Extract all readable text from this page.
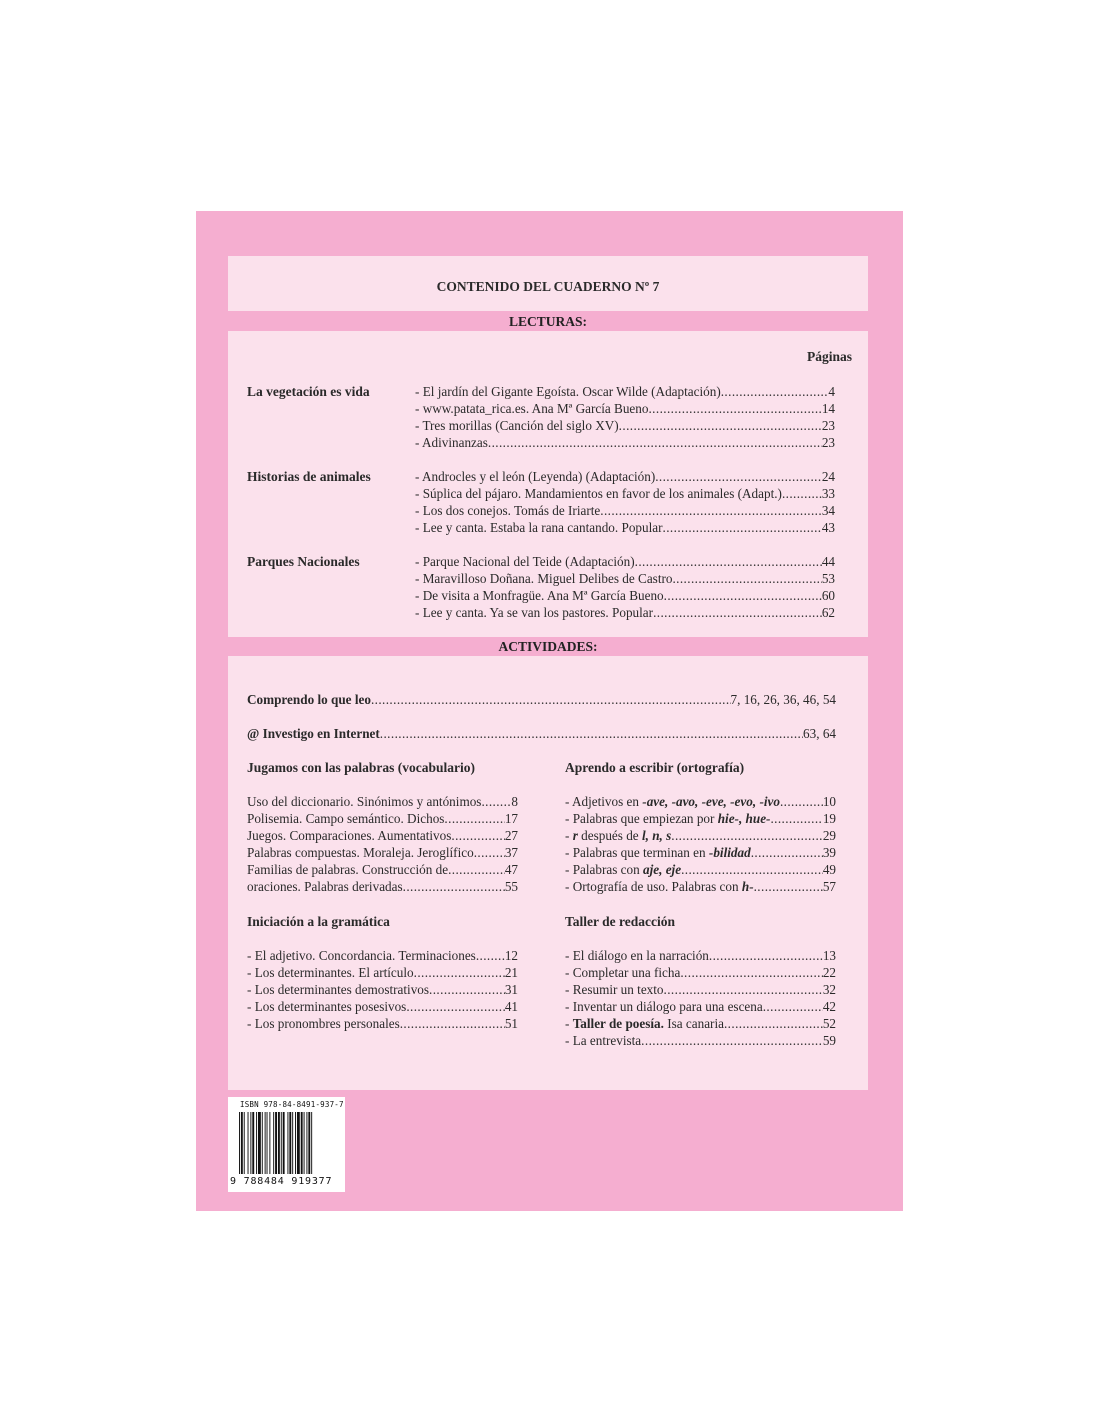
CONTENIDO DEL CUADERNO Nº 7
LECTURAS:
Páginas
La vegetación es vida	- El jardín del Gigante Egoísta. Oscar Wilde (Adaptación) .....	4
- www.patata_rica.es. Ana Mª García Bueno .....	14
- Tres morillas (Canción del siglo XV) .....	23
- Adivinanzas .....	23
Historias de animales	- Androcles y el león (Leyenda) (Adaptación) .....	24
- Súplica del pájaro. Mandamientos en favor de los animales (Adapt.) .....	33
- Los dos conejos. Tomás de Iriarte .....	34
- Lee y canta. Estaba la rana cantando. Popular .....	43
Parques Nacionales	- Parque Nacional del Teide (Adaptación) .....	44
- Maravilloso Doñana. Miguel Delibes de Castro .....	53
- De visita a Monfragüe. Ana Mª García Bueno .....	60
- Lee y canta. Ya se van los pastores. Popular .....	62
ACTIVIDADES:
Comprendo lo que leo .....	7, 16, 26, 36, 46, 54
@ Investigo en Internet .....	63, 64
Jugamos con las palabras (vocabulario)
Uso del diccionario. Sinónimos y antónimos ..... 8
Polisemia. Campo semántico. Dichos .....	17
Juegos. Comparaciones. Aumentativos .....	27
Palabras compuestas. Moraleja. Jeroglífico ..... 37
Familias de palabras. Construcción de .....	47
oraciones. Palabras derivadas .....	55
Aprendo a escribir (ortografía)
- Adjetivos en -ave, -avo, -eve, -evo, -ivo .....	10
- Palabras que empiezan por hie-, hue- .....	19
- r después de l, n, s .....	29
- Palabras que terminan en -bilidad .....	39
- Palabras con aje, eje .....	49
- Ortografía de uso. Palabras con h- .....	57
Iniciación a la gramática
- El adjetivo. Concordancia. Terminaciones ..... 12
- Los determinantes. El artículo .....	21
- Los determinantes demostrativos .....	31
- Los determinantes posesivos .....	41
- Los pronombres personales .....	51
Taller de redacción
- El diálogo en la narración .....	13
- Completar una ficha .....	22
- Resumir un texto .....	32
- Inventar un diálogo para una escena .....	42
- Taller de poesía. Isa canaria .....	52
- La entrevista .....	59
ISBN 978-84-8491-937-7
9 788484 919377
